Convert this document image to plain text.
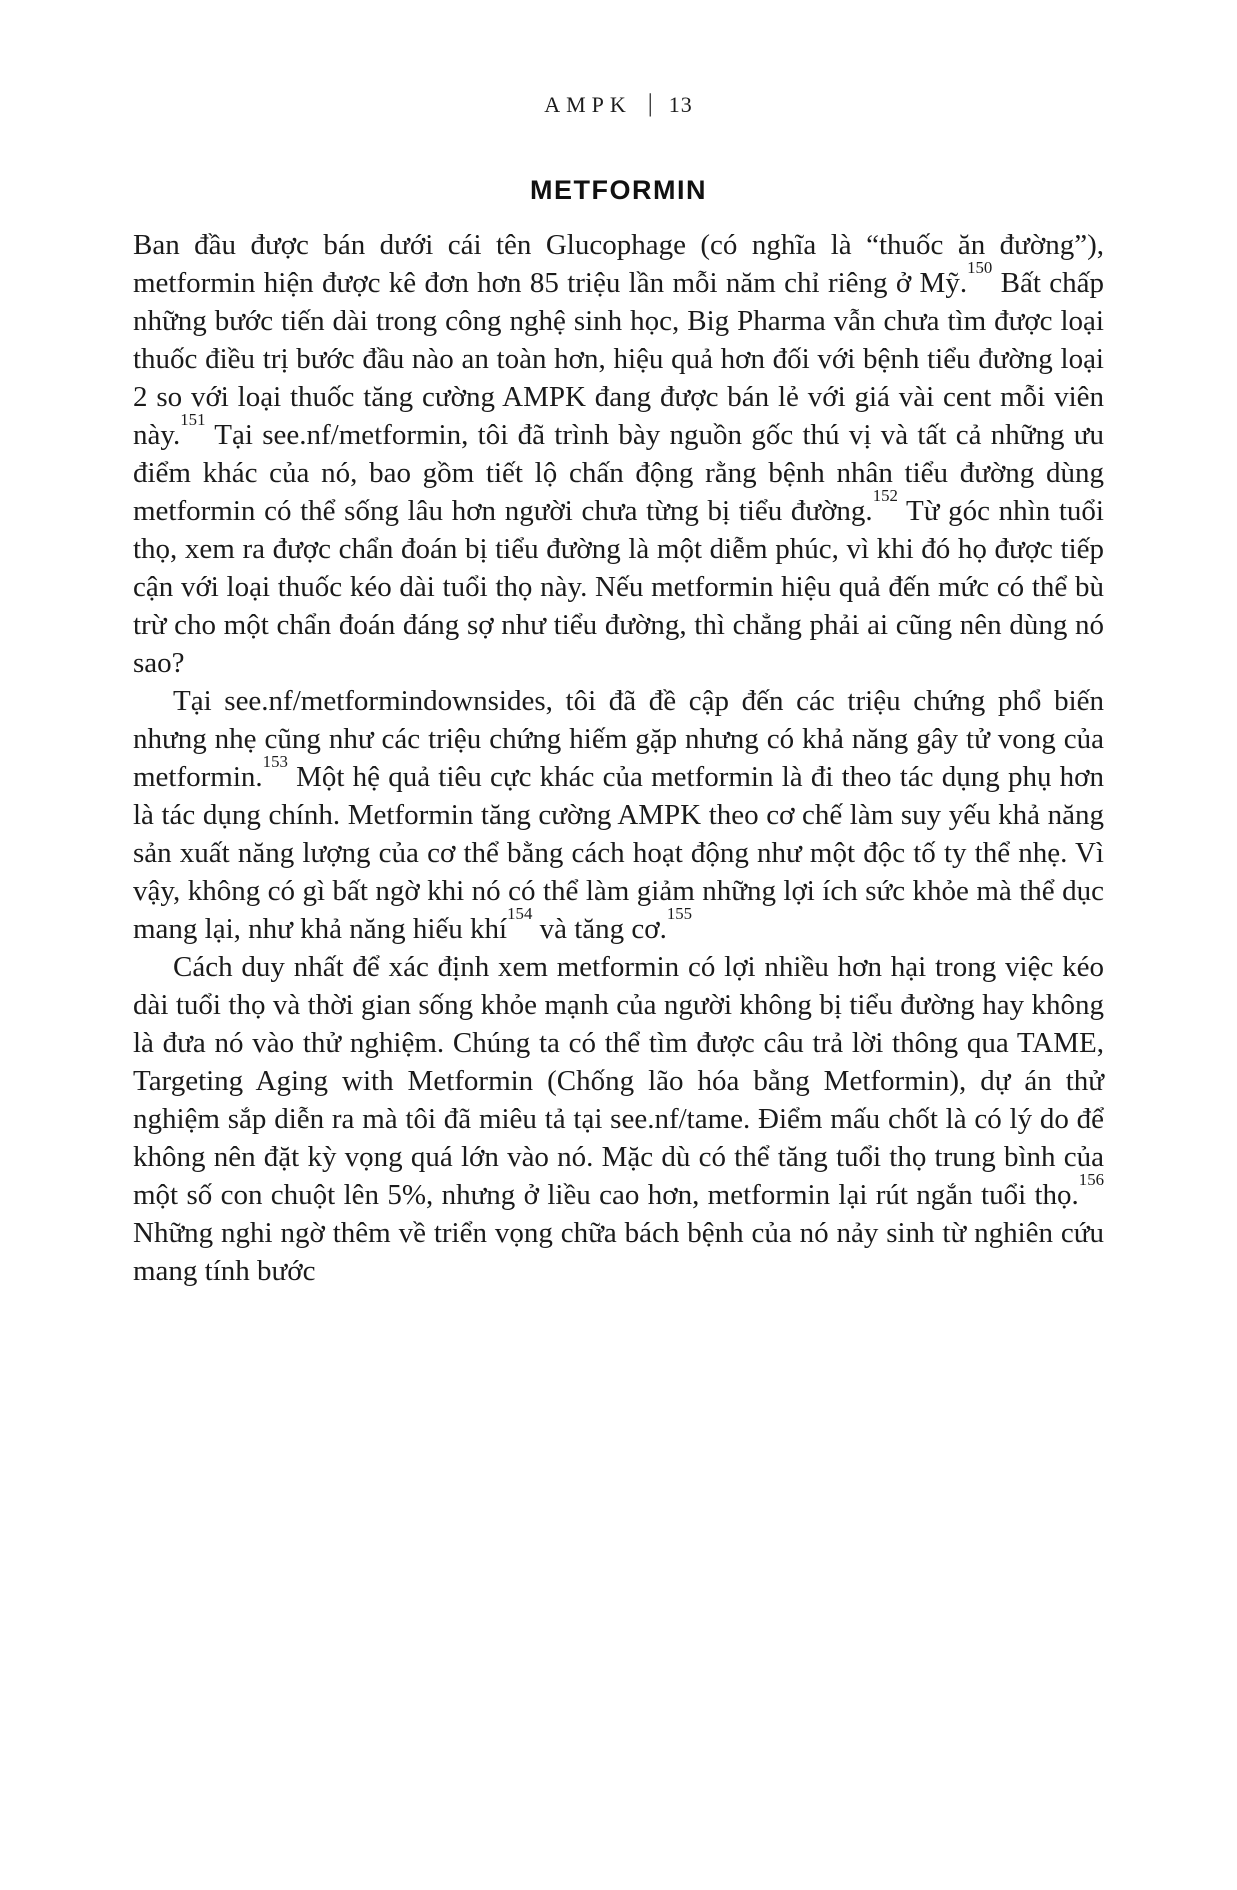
AMPK | 13
METFORMIN

Ban đầu được bán dưới cái tên Glucophage (có nghĩa là “thuốc ăn đường”), metformin hiện được kê đơn hơn 85 triệu lần mỗi năm chỉ riêng ở Mỹ.$^{150}$ Bất chấp những bước tiến dài trong công nghệ sinh học, Big Pharma vẫn chưa tìm được loại thuốc điều trị bước đầu nào an toàn hơn, hiệu quả hơn đối với bệnh tiểu đường loại 2 so với loại thuốc tăng cường AMPK đang được bán lẻ với giá vài cent mỗi viên này.$^{151}$ Tại see.nf/metformin, tôi đã trình bày nguồn gốc thú vị và tất cả những ưu điểm khác của nó, bao gồm tiết lộ chấn động rằng bệnh nhân tiểu đường dùng metformin có thể sống lâu hơn người chưa từng bị tiểu đường.$^{152}$ Từ góc nhìn tuổi thọ, xem ra được chẩn đoán bị tiểu đường là một diễm phúc, vì khi đó họ được tiếp cận với loại thuốc kéo dài tuổi thọ này. Nếu metformin hiệu quả đến mức có thể bù trừ cho một chẩn đoán đáng sợ như tiểu đường, thì chẳng phải ai cũng nên dùng nó sao?

Tại see.nf/metformindownsides, tôi đã đề cập đến các triệu chứng phổ biến nhưng nhẹ cũng như các triệu chứng hiếm gặp nhưng có khả năng gây tử vong của metformin.$^{153}$ Một hệ quả tiêu cực khác của metformin là đi theo tác dụng phụ hơn là tác dụng chính. Metformin tăng cường AMPK theo cơ chế làm suy yếu khả năng sản xuất năng lượng của cơ thể bằng cách hoạt động như một độc tố ty thể nhẹ. Vì vậy, không có gì bất ngờ khi nó có thể làm giảm những lợi ích sức khỏe mà thể dục mang lại, như khả năng hiếu khí$^{154}$ và tăng cơ.$^{155}$

Cách duy nhất để xác định xem metformin có lợi nhiều hơn hại trong việc kéo dài tuổi thọ và thời gian sống khỏe mạnh của người không bị tiểu đường hay không là đưa nó vào thử nghiệm. Chúng ta có thể tìm được câu trả lời thông qua TAME, Targeting Aging with Metformin (Chống lão hóa bằng Metformin), dự án thử nghiệm sắp diễn ra mà tôi đã miêu tả tại see.nf/tame. Điểm mấu chốt là có lý do để không nên đặt kỳ vọng quá lớn vào nó. Mặc dù có thể tăng tuổi thọ trung bình của một số con chuột lên 5%, nhưng ở liều cao hơn, metformin lại rút ngắn tuổi thọ.$^{156}$ Những nghi ngờ thêm về triển vọng chữa bách bệnh của nó nảy sinh từ nghiên cứu mang tính bước
